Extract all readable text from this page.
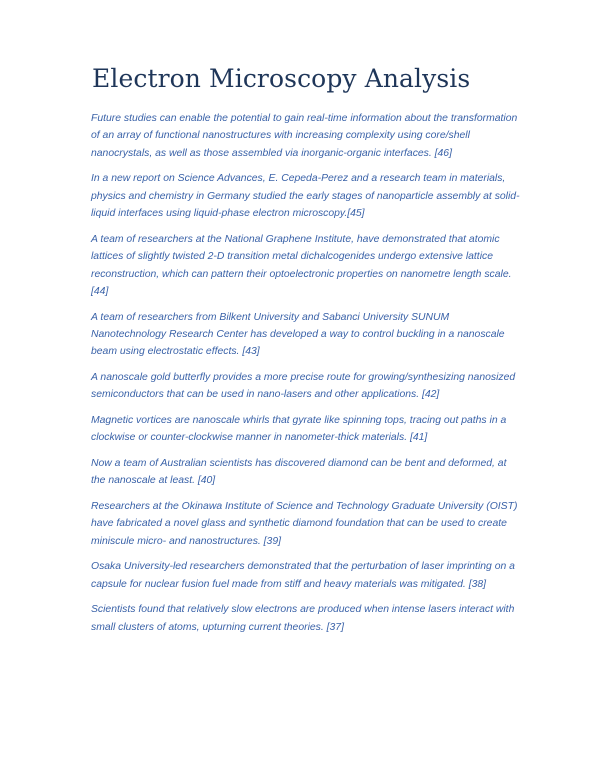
Electron Microscopy Analysis
Future studies can enable the potential to gain real-time information about the transformation of an array of functional nanostructures with increasing complexity using core/shell nanocrystals, as well as those assembled via inorganic-organic interfaces. [46]
In a new report on Science Advances, E. Cepeda-Perez and a research team in materials, physics and chemistry in Germany studied the early stages of nanoparticle assembly at solid-liquid interfaces using liquid-phase electron microscopy.[45]
A team of researchers at the National Graphene Institute, have demonstrated that atomic lattices of slightly twisted 2-D transition metal dichalcogenides undergo extensive lattice reconstruction, which can pattern their optoelectronic properties on nanometre length scale. [44]
A team of researchers from Bilkent University and Sabanci University SUNUM Nanotechnology Research Center has developed a way to control buckling in a nanoscale beam using electrostatic effects. [43]
A nanoscale gold butterfly provides a more precise route for growing/synthesizing nanosized semiconductors that can be used in nano-lasers and other applications. [42]
Magnetic vortices are nanoscale whirls that gyrate like spinning tops, tracing out paths in a clockwise or counter-clockwise manner in nanometer-thick materials. [41]
Now a team of Australian scientists has discovered diamond can be bent and deformed, at the nanoscale at least. [40]
Researchers at the Okinawa Institute of Science and Technology Graduate University (OIST) have fabricated a novel glass and synthetic diamond foundation that can be used to create miniscule micro- and nanostructures. [39]
Osaka University-led researchers demonstrated that the perturbation of laser imprinting on a capsule for nuclear fusion fuel made from stiff and heavy materials was mitigated. [38]
Scientists found that relatively slow electrons are produced when intense lasers interact with small clusters of atoms, upturning current theories. [37]
